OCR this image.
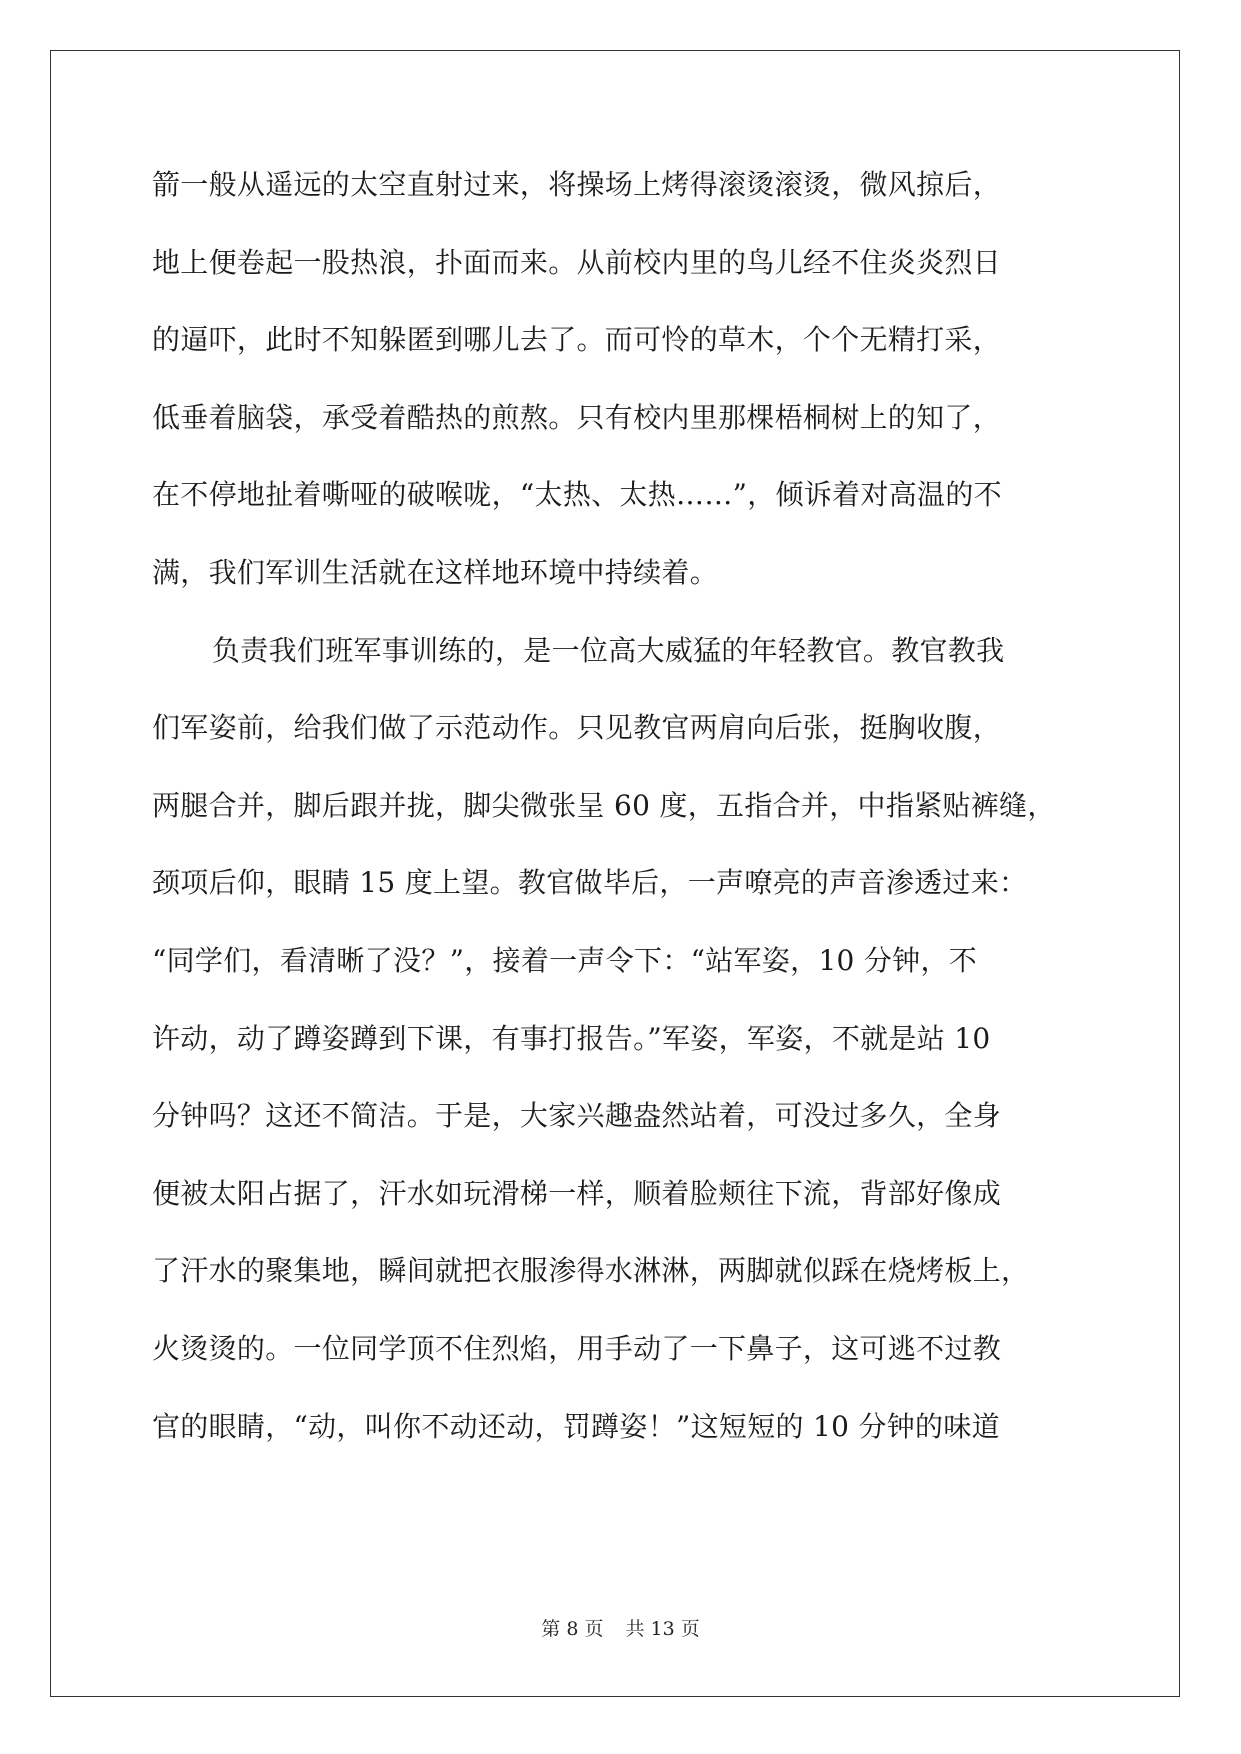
箭一般从遥远的太空直射过来，将操场上烤得滚烫滚烫，微风掠后，
地上便卷起一股热浪，扑面而来。从前校内里的鸟儿经不住炎炎烈日
的逼吓，此时不知躲匿到哪儿去了。而可怜的草木，个个无精打采，
低垂着脑袋，承受着酷热的煎熬。只有校内里那棵梧桐树上的知了，
在不停地扯着嘶哑的破喉咙，“太热、太热……”，倾诉着对高温的不
满，我们军训生活就在这样地环境中持续着。
负责我们班军事训练的，是一位高大威猛的年轻教官。教官教我
们军姿前，给我们做了示范动作。只见教官两肩向后张，挺胸收腹，
两腿合并，脚后跟并拢，脚尖微张呈 60 度，五指合并，中指紧贴裤缝，
颈项后仰，眼睛 15 度上望。教官做毕后，一声嘹亮的声音渗透过来：
“同学们，看清晰了没？”，接着一声令下：“站军姿，10 分钟，不
许动，动了蹲姿蹲到下课，有事打报告。”军姿，军姿，不就是站 10
分钟吗？这还不简洁。于是，大家兴趣盎然站着，可没过多久，全身
便被太阳占据了，汗水如玩滑梯一样，顺着脸颊往下流，背部好像成
了汗水的聚集地，瞬间就把衣服渗得水淋淋，两脚就似踩在烧烤板上，
火烫烫的。一位同学顶不住烈焰，用手动了一下鼻子，这可逃不过教
官的眼睛，“动，叫你不动还动，罚蹲姿！”这短短的 10 分钟的味道
第 8 页 共 13 页
